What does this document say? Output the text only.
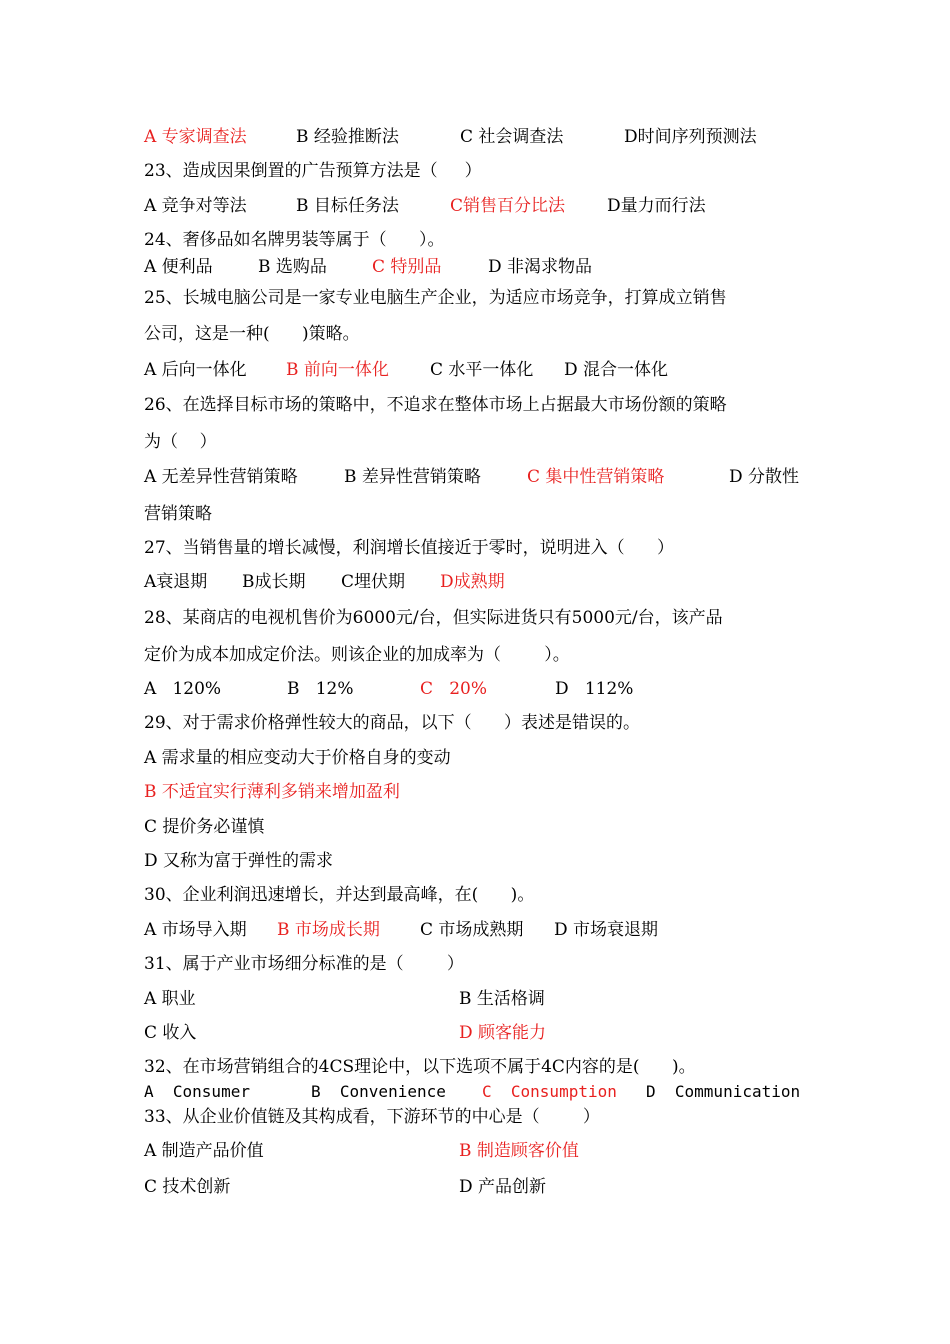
A 专家调查法	B 经验推断法	C 社会调查法	D时间序列预测法
23、造成因果倒置的广告预算方法是（     ）
A 竞争对等法	B 目标任务法	C销售百分比法 D量力而行法
24、奢侈品如名牌男装等属于（      ）。
A 便利品	B 选购品	C 特别品	D 非渴求物品
25、长城电脑公司是一家专业电脑生产企业，为适应市场竞争，打算成立销售
公司，这是一种(      )策略。
A 后向一体化 B 前向一体化 C 水平一体化 D 混合一体化
26、在选择目标市场的策略中，不追求在整体市场上占据最大市场份额的策略
为（    ）
A 无差异性营销策略	B 差异性营销策略	C 集中性营销策略	D 分散性
营销策略
27、当销售量的增长减慢，利润增长值接近于零时，说明进入（      ）
A衰退期 B成长期 C埋伏期 D成熟期
28、某商店的电视机售价为6000元/台，但实际进货只有5000元/台，该产品
定价为成本加成定价法。则该企业的加成率为（        ）。
A   120%	B   12%	C   20%	D   112%
29、对于需求价格弹性较大的商品，以下（      ）表述是错误的。
A 需求量的相应变动大于价格自身的变动
B 不适宜实行薄利多销来增加盈利
C 提价务必谨慎
D 又称为富于弹性的需求
30、企业利润迅速增长，并达到最高峰，在(      )。
A 市场导入期 B 市场成长期 C 市场成熟期 D 市场衰退期
31、属于产业市场细分标准的是（        ）
A 职业	B 生活格调
C 收入	D 顾客能力
32、在市场营销组合的4CS理论中，以下选项不属于4C内容的是(      )。
A  Consumer	B  Convenience C  Consumption D  Communication
33、从企业价值链及其构成看，下游环节的中心是（        ）
A 制造产品价值	B 制造顾客价值
C 技术创新	D 产品创新
